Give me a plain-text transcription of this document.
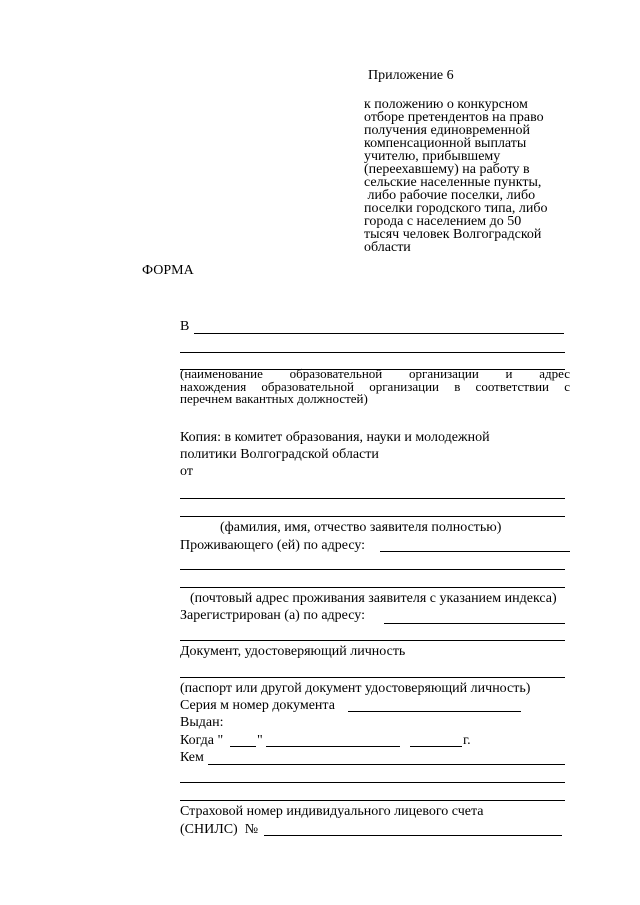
Приложение 6
к положению о конкурсном
отборе претендентов на право
получения единовременной
компенсационной выплаты
учителю, прибывшему
(переехавшему) на работу в
сельские населенные пункты,
либо рабочие поселки, либо
поселки городского типа, либо
города с населением до 50
тысяч человек Волгоградской
области
ФОРМА
В
(наименование   образовательной   организации   и   адрес
нахождения образовательной организации в соответствии с
перечнем вакантных должностей)
Копия: в комитет образования, науки и молодежной
политики Волгоградской области
от
(фамилия, имя, отчество заявителя полностью)
Проживающего (ей) по адресу:
(почтовый адрес проживания заявителя с указанием индекса)
Зарегистрирован (а) по адресу:
Документ, удостоверяющий личность
(паспорт или другой документ удостоверяющий личность)
Серия м номер документа
Выдан:
Когда " "	г.
Кем
Страховой номер индивидуального лицевого счета
(СНИЛС)  №
